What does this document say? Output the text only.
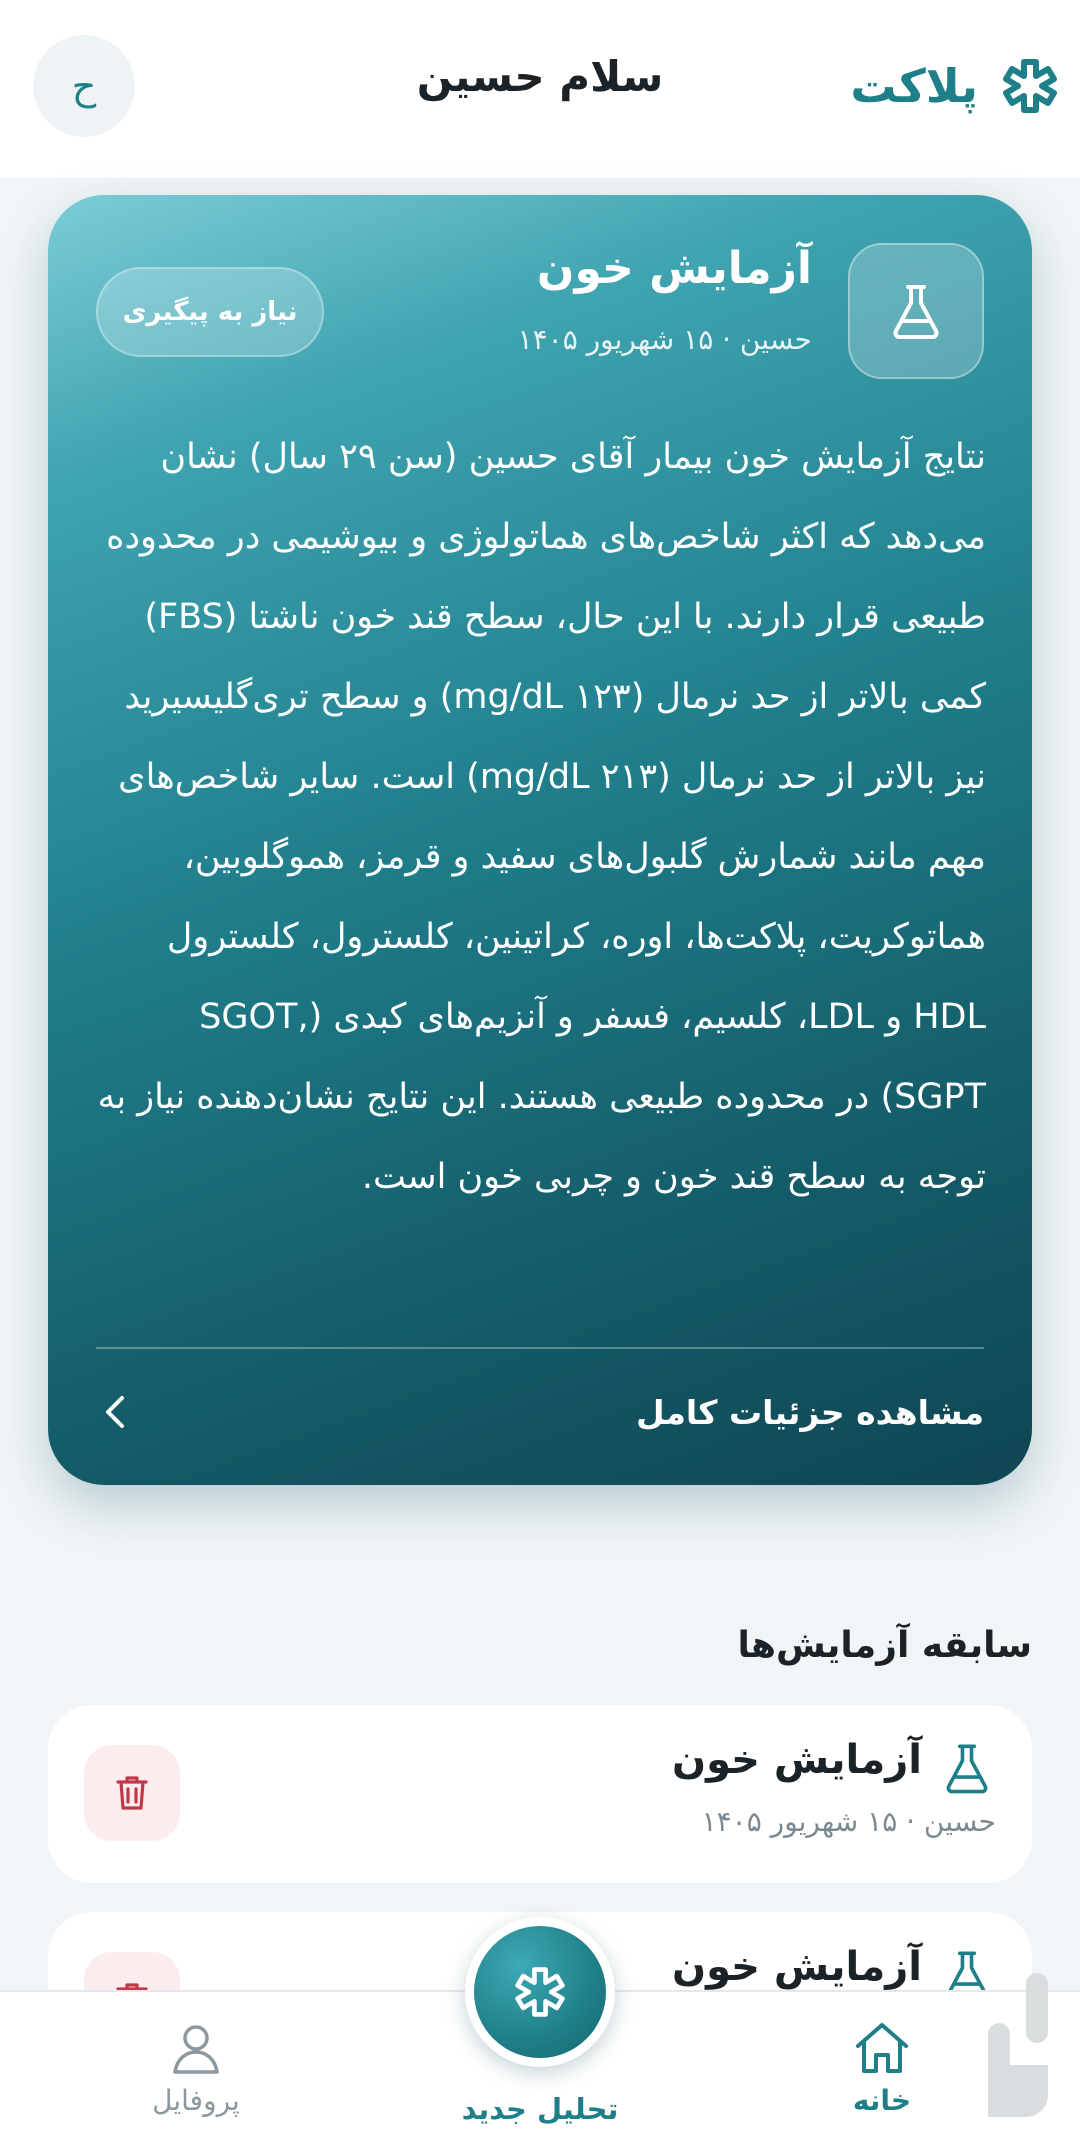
ح	سلام حسین	پلاکت
آزمایش خون
حسین · ۱۵ شهریور ۱۴۰۵
نیاز به پیگیری
نتایج آزمایش خون بیمار آقای حسین (سن ۲۹ سال) نشان می‌دهد که اکثر شاخص‌های هماتولوژی و بیوشیمی در محدوده طبیعی قرار دارند. با این حال، سطح قند خون ناشتا (FBS) کمی بالاتر از حد نرمال (mg/dL ۱۲۳) و سطح تری‌گلیسیرید نیز بالاتر از حد نرمال (mg/dL ۲۱۳) است. سایر شاخص‌های مهم مانند شمارش گلبول‌های سفید و قرمز، هموگلوبین، هماتوکریت، پلاکت‌ها، اوره، کراتینین، کلسترول، کلسترول HDL و LDL، کلسیم، فسفر و آنزیم‌های کبدی (SGOT, SGPT) در محدوده طبیعی هستند. این نتایج نشان‌دهنده نیاز به توجه به سطح قند خون و چربی خون است.
مشاهده جزئیات کامل
سابقه آزمایش‌ها
آزمایش خون
حسین · ۱۵ شهریور ۱۴۰۵
آزمایش خون
خانه
تحلیل جدید
پروفایل
